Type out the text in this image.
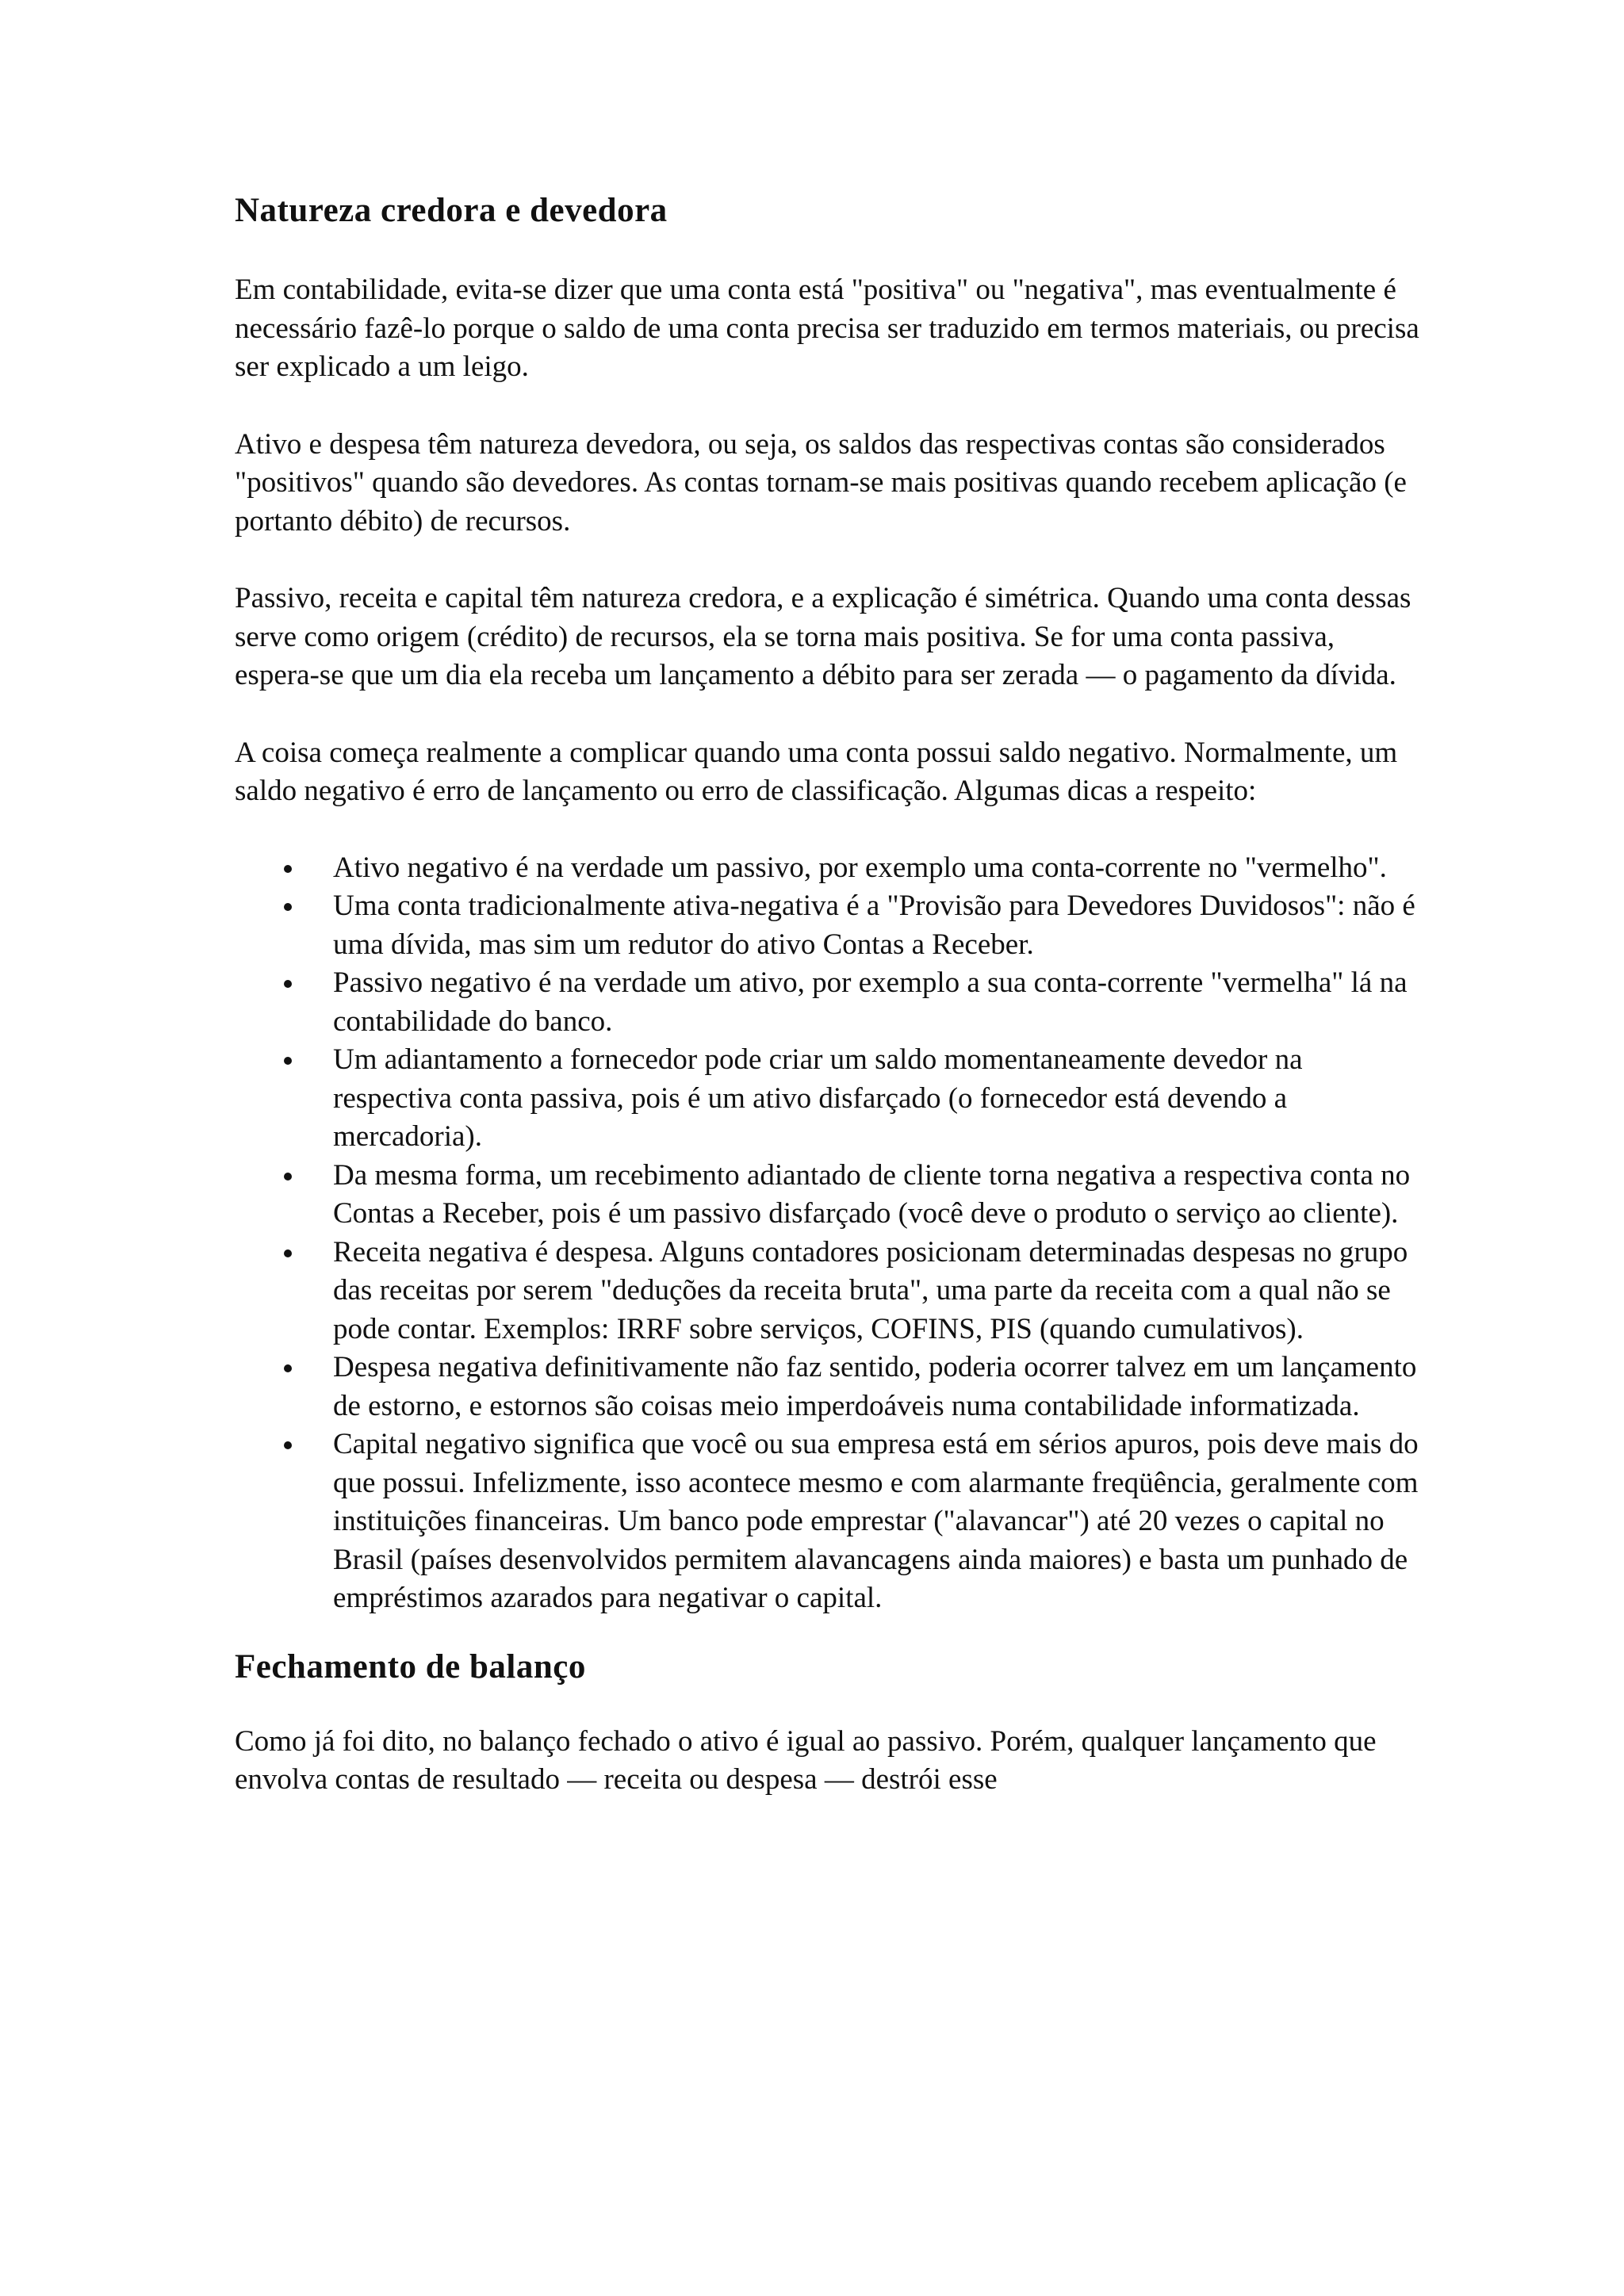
Natureza credora e devedora

Em contabilidade, evita-se dizer que uma conta está "positiva" ou "negativa", mas eventualmente é necessário fazê-lo porque o saldo de uma conta precisa ser traduzido em termos materiais, ou precisa ser explicado a um leigo.

Ativo e despesa têm natureza devedora, ou seja, os saldos das respectivas contas são considerados "positivos" quando são devedores. As contas tornam-se mais positivas quando recebem aplicação (e portanto débito) de recursos.

Passivo, receita e capital têm natureza credora, e a explicação é simétrica. Quando uma conta dessas serve como origem (crédito) de recursos, ela se torna mais positiva. Se for uma conta passiva, espera-se que um dia ela receba um lançamento a débito para ser zerada — o pagamento da dívida.

A coisa começa realmente a complicar quando uma conta possui saldo negativo. Normalmente, um saldo negativo é erro de lançamento ou erro de classificação. Algumas dicas a respeito:

Ativo negativo é na verdade um passivo, por exemplo uma conta-corrente no "vermelho".
Uma conta tradicionalmente ativa-negativa é a "Provisão para Devedores Duvidosos": não é uma dívida, mas sim um redutor do ativo Contas a Receber.
Passivo negativo é na verdade um ativo, por exemplo a sua conta-corrente "vermelha" lá na contabilidade do banco.
Um adiantamento a fornecedor pode criar um saldo momentaneamente devedor na respectiva conta passiva, pois é um ativo disfarçado (o fornecedor está devendo a mercadoria).
Da mesma forma, um recebimento adiantado de cliente torna negativa a respectiva conta no Contas a Receber, pois é um passivo disfarçado (você deve o produto o serviço ao cliente).
Receita negativa é despesa. Alguns contadores posicionam determinadas despesas no grupo das receitas por serem "deduções da receita bruta", uma parte da receita com a qual não se pode contar. Exemplos: IRRF sobre serviços, COFINS, PIS (quando cumulativos).
Despesa negativa definitivamente não faz sentido, poderia ocorrer talvez em um lançamento de estorno, e estornos são coisas meio imperdoáveis numa contabilidade informatizada.
Capital negativo significa que você ou sua empresa está em sérios apuros, pois deve mais do que possui. Infelizmente, isso acontece mesmo e com alarmante freqüência, geralmente com instituições financeiras. Um banco pode emprestar ("alavancar") até 20 vezes o capital no Brasil (países desenvolvidos permitem alavancagens ainda maiores) e basta um punhado de empréstimos azarados para negativar o capital.
Fechamento de balanço

Como já foi dito, no balanço fechado o ativo é igual ao passivo. Porém, qualquer lançamento que envolva contas de resultado — receita ou despesa — destrói esse
